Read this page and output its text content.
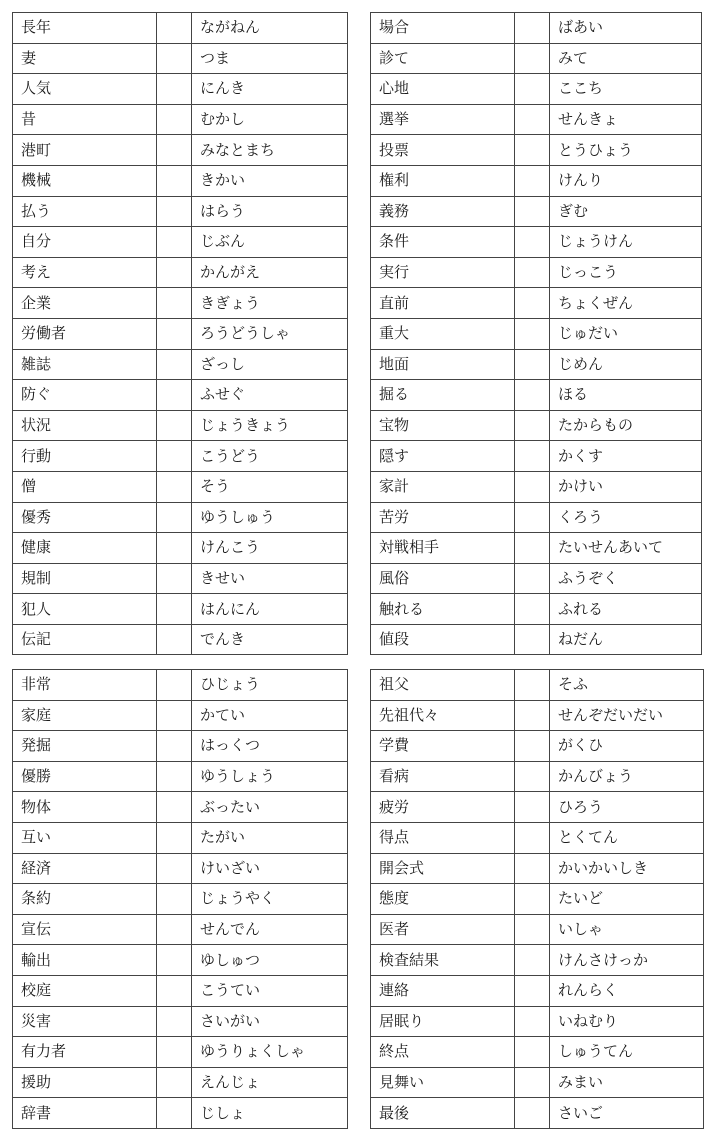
長年		ながねん
妻		つま
人気		にんき
昔		むかし
港町		みなとまち
機械		きかい
払う		はらう
自分		じぶん
考え		かんがえ
企業		きぎょう
労働者		ろうどうしゃ
雑誌		ざっし
防ぐ		ふせぐ
状況		じょうきょう
行動		こうどう
僧		そう
優秀		ゆうしゅう
健康		けんこう
規制		きせい
犯人		はんにん
伝記		でんき
場合		ばあい
診て		みて
心地		ここち
選挙		せんきょ
投票		とうひょう
権利		けんり
義務		ぎむ
条件		じょうけん
実行		じっこう
直前		ちょくぜん
重大		じゅだい
地面		じめん
掘る		ほる
宝物		たからもの
隠す		かくす
家計		かけい
苦労		くろう
対戦相手		たいせんあいて
風俗		ふうぞく
触れる		ふれる
値段		ねだん
非常		ひじょう
家庭		かてい
発掘		はっくつ
優勝		ゆうしょう
物体		ぶったい
互い		たがい
経済		けいざい
条約		じょうやく
宣伝		せんでん
輸出		ゆしゅつ
校庭		こうてい
災害		さいがい
有力者		ゆうりょくしゃ
援助		えんじょ
辞書		じしょ
祖父		そふ
先祖代々		せんぞだいだい
学費		がくひ
看病		かんびょう
疲労		ひろう
得点		とくてん
開会式		かいかいしき
態度		たいど
医者		いしゃ
検査結果		けんさけっか
連絡		れんらく
居眠り		いねむり
終点		しゅうてん
見舞い		みまい
最後		さいご
